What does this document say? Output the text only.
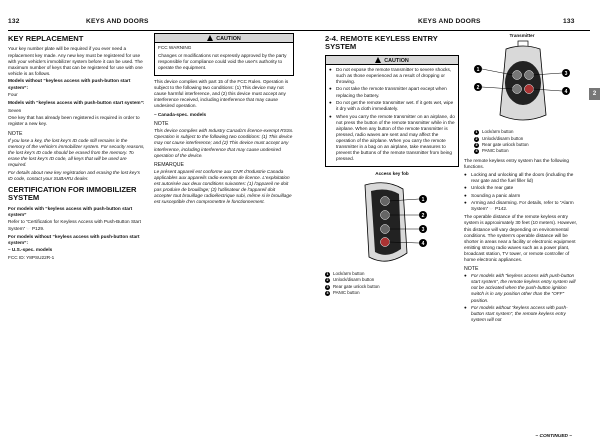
132	KEYS AND DOORS
KEY REPLACEMENT

Your key number plate will be required if you ever need a replacement key made. Any new key must be registered for use with your vehicle's immobilizer system before it can be used. The maximum number of keys that can be registered for use with one vehicle is as follows.

Models without “keyless access with push-button start system”:

Four

Models with “keyless access with push-button start system”:

Seven

One key that has already been registered is required in order to register a new key.

NOTE

If you lose a key, the lost key's ID code still remains in the memory of the vehicle's immobilizer system. For security reasons, the lost key's ID code should be erased from the memory. To erase the lost key's ID code, all keys that will be used are required.

For details about new key registration and erasing the lost key's ID code, contact your SUBARU dealer.

CERTIFICATION FOR IMMOBILIZER SYSTEM

For models with “keyless access with push-button start system”

Refer to “Certification for Keyless Access with Push-Button Start System” ☞ P129.

For models without “keyless access with push-button start system”:

– U.S.-spec. models

FCC ID: Y8PSU22R-1

CAUTION

FCC WARNING

Changes or modifications not expressly approved by the party responsible for compliance could void the user's authority to operate the equipment.

This device complies with part 15 of the FCC Rules. Operation is subject to the following two conditions: (1) This device may not cause harmful interference, and (2) this device must accept any interference received, including interference that may cause undesired operation.

– Canada-spec. models

NOTE

This device complies with Industry Canada's licence-exempt RSSs. Operation is subject to the following two conditions: (1) This device may not cause interference; and (2) This device must accept any interference, including interference that may cause undesired operation of the device.

REMARQUE

Le présent appareil est conforme aux CNR d'Industrie Canada applicables aux appareils radio exempts de licence. L'exploitation est autorisée aux deux conditions suivantes: (1) l'appareil ne doit pas produire de brouillage; (2) l'utilisateur de l'appareil doit accepter tout brouillage radioélectrique subi, même si le brouillage est susceptible d'en compromettre le fonctionnement.

KEYS AND DOORS	133
2
2-4. REMOTE KEYLESS ENTRY SYSTEM
CAUTION
● Do not expose the remote transmitter to severe shocks, such as those experienced as a result of dropping or throwing.
● Do not take the remote transmitter apart except when replacing the battery.
● Do not get the remote transmitter wet. If it gets wet, wipe it dry with a cloth immediately.
● When you carry the remote transmitter on an airplane, do not press the button of the remote transmitter while in the airplane. When any button of the remote transmitter is pressed, radio waves are sent and may affect the operation of the airplane. When you carry the remote transmitter in a bag on an airplane, take measures to prevent the buttons of the remote transmitter from being pressed.
Access key fob
1
2
3
4
1 Lock/arm button
2 Unlock/disarm button
3 Rear gate unlock button
4 PANIC button
Transmitter
1
2
3
4
1 Lock/arm button
2 Unlock/disarm button
3 Rear gate unlock button
4 PANIC button

The remote keyless entry system has the following functions.

● Locking and unlocking all the doors (including the rear gate and the fuel filler lid)
● Unlock the rear gate
● Sounding a panic alarm
● Arming and disarming. For details, refer to “Alarm System” ☞ P142.

The operable distance of the remote keyless entry system is approximately 30 feet (10 meters). However, this distance will vary depending on environmental conditions. The system's operable distance will be shorter in areas near a facility or electronic equipment emitting strong radio waves such as a power plant, broadcast station, TV tower, or remote controller of home electronic appliances.

NOTE
● For models with “keyless access with push-button start system”, the remote keyless entry system will not be activated when the push-button ignition switch is in any position other than the “OFF” position.
● For models without “keyless access with push-button start system”, the remote keyless entry system will not
– CONTINUED –
